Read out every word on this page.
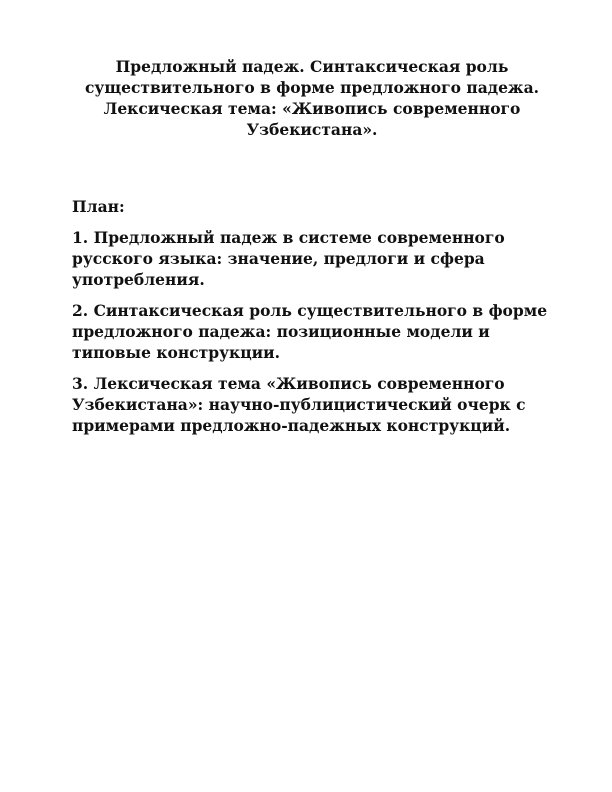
Предложный падеж. Синтаксическая роль
существительного в форме предложного падежа.
Лексическая тема: «Живопись современного
Узбекистана».
План:
1. Предложный падеж в системе современного русского языка: значение, предлоги и сфера употребления.
2. Синтаксическая роль существительного в форме предложного падежа: позиционные модели и типовые конструкции.
3. Лексическая тема «Живопись современного Узбекистана»: научно-публицистический очерк с примерами предложно-падежных конструкций.
